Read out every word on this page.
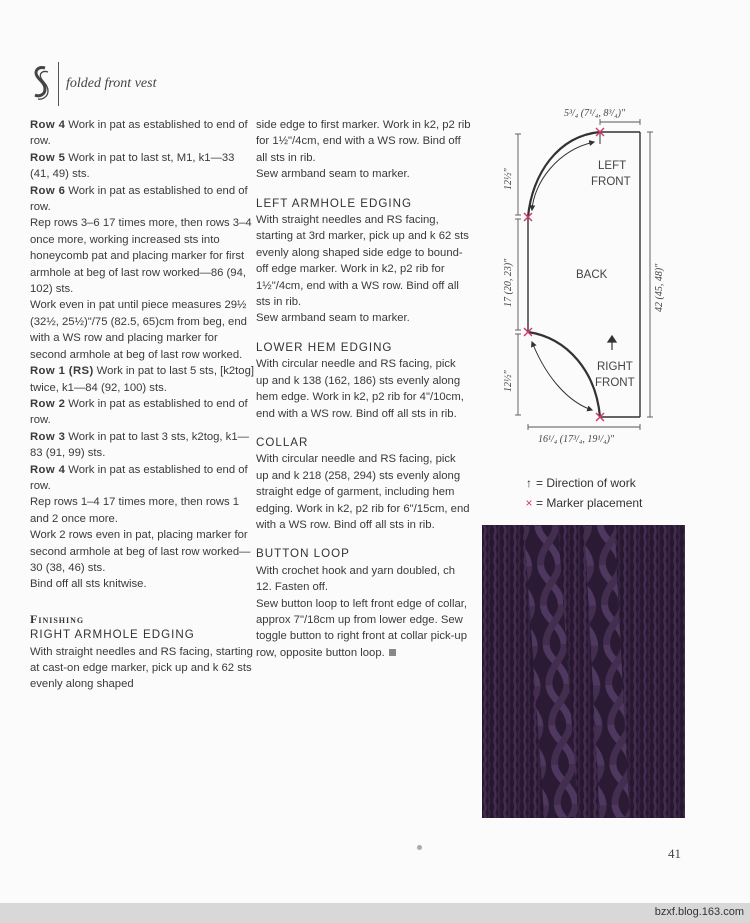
folded front vest

Row 4 Work in pat as established to end of row.

Row 5 Work in pat to last st, M1, k1—33 (41, 49) sts.

Row 6 Work in pat as established to end of row.

Rep rows 3–6 17 times more, then rows 3–4 once more, working increased sts into honeycomb pat and placing marker for first armhole at beg of last row worked—86 (94, 102) sts.

Work even in pat until piece measures 29½ (32½, 25½)"/75 (82.5, 65)cm from beg, end with a WS row and placing marker for second armhole at beg of last row worked.

Row 1 (RS) Work in pat to last 5 sts, [k2tog] twice, k1—84 (92, 100) sts.

Row 2 Work in pat as established to end of row.

Row 3 Work in pat to last 3 sts, k2tog, k1—83 (91, 99) sts.

Row 4 Work in pat as established to end of row.

Rep rows 1–4 17 times more, then rows 1 and 2 once more.

Work 2 rows even in pat, placing marker for second armhole at beg of last row worked—30 (38, 46) sts.

Bind off all sts knitwise.

Finishing
RIGHT ARMHOLE EDGING

With straight needles and RS facing, starting at cast-on edge marker, pick up and k 62 sts evenly along shaped

side edge to first marker. Work in k2, p2 rib for 1½"/4cm, end with a WS row. Bind off all sts in rib.

Sew armband seam to marker.

LEFT ARMHOLE EDGING

With straight needles and RS facing, starting at 3rd marker, pick up and k 62 sts evenly along shaped side edge to bound-off edge marker. Work in k2, p2 rib for 1½"/4cm, end with a WS row. Bind off all sts in rib.

Sew armband seam to marker.

LOWER HEM EDGING

With circular needle and RS facing, pick up and k 138 (162, 186) sts evenly along hem edge. Work in k2, p2 rib for 4"/10cm, end with a WS row. Bind off all sts in rib.

COLLAR

With circular needle and RS facing, pick up and k 218 (258, 294) sts evenly along straight edge of garment, including hem edging. Work in k2, p2 rib for 6"/15cm, end with a WS row. Bind off all sts in rib.

BUTTON LOOP

With crochet hook and yarn doubled, ch 12. Fasten off.

Sew button loop to left front edge of collar, approx 7"/18cm up from lower edge. Sew toggle button to right front at collar pick-up row, opposite button loop.

LEFT
FRONT
BACK
RIGHT
FRONT
5³/₄ (7¹/₄, 8³/₄)"
16¹/₄ (17³/₄, 19¹/₄)"
12½"
17 (20, 23)"
12½"
42 (45, 48)"
↑ = Direction of work
× = Marker placement
41
bzxf.blog.163.com
